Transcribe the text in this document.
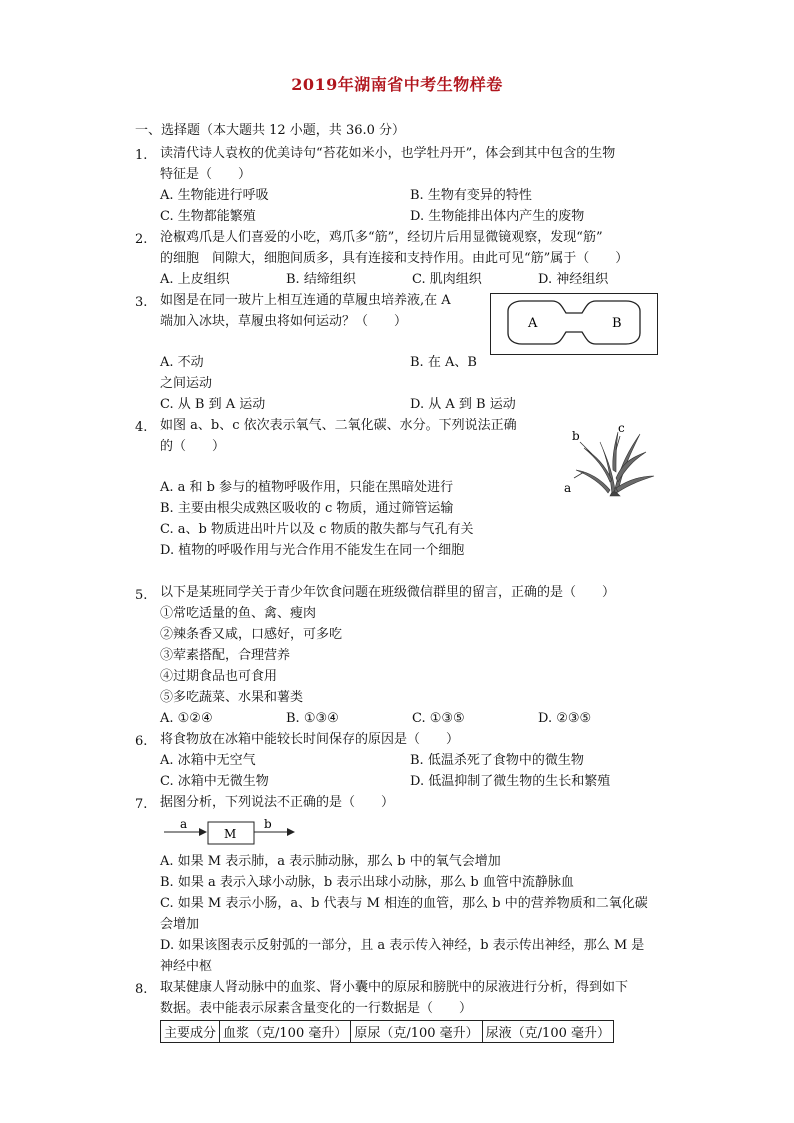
2019年湖南省中考生物样卷
一、选择题（本大题共 12 小题，共 36.0 分）
1. 读清代诗人袁枚的优美诗句“苔花如米小，也学牡丹开”，体会到其中包含的生物
特征是（　　）
A. 生物能进行呼吸	B. 生物有变异的特性
C. 生物都能繁殖	D. 生物能排出体内产生的废物
2. 沧椒鸡爪是人们喜爱的小吃，鸡爪多“筋”，经切片后用显微镜观察，发现“筋”
的细胞　间隙大，细胞间质多，具有连接和支持作用。由此可见“筋”属于（　　）
A. 上皮组织	B. 结缔组织	C. 肌肉组织	D. 神经组织
3. 如图是在同一玻片上相互连通的草履虫培养液,在 A
端加入冰块，草履虫将如何运动？（　　）	A	B
A. 不动	B. 在 A、B
之间运动
C. 从 B 到 A 运动	D. 从 A 到 B 运动
4. 如图 a、b、c 依次表示氧气、二氧化碳、水分。下列说法正确
的（　　）
b
c
a
A. a 和 b 参与的植物呼吸作用，只能在黑暗处进行
B. 主要由根尖成熟区吸收的 c 物质，通过筛管运输
C. a、b 物质进出叶片以及 c 物质的散失都与气孔有关
D. 植物的呼吸作用与光合作用不能发生在同一个细胞
5. 以下是某班同学关于青少年饮食问题在班级微信群里的留言，正确的是（　　）
①常吃适量的鱼、禽、瘦肉
②辣条香又咸，口感好，可多吃
③荤素搭配，合理营养
④过期食品也可食用
⑤多吃蔬菜、水果和薯类
A. ①②④	B. ①③④	C. ①③⑤	D. ②③⑤
6. 将食物放在冰箱中能较长时间保存的原因是（　　）
A. 冰箱中无空气	B. 低温杀死了食物中的微生物
C. 冰箱中无微生物	D. 低温抑制了微生物的生长和繁殖
7. 据图分析，下列说法不正确的是（　　）
a
M
b
A. 如果 M 表示肺，a 表示肺动脉，那么 b 中的氧气会增加
B. 如果 a 表示入球小动脉，b 表示出球小动脉，那么 b 血管中流静脉血
C. 如果 M 表示小肠，a、b 代表与 M 相连的血管，那么 b 中的营养物质和二氧化碳
会增加
D. 如果该图表示反射弧的一部分，且 a 表示传入神经，b 表示传出神经，那么 M 是
神经中枢
8. 取某健康人肾动脉中的血浆、肾小囊中的原尿和膀胱中的尿液进行分析，得到如下
数据。表中能表示尿素含量变化的一行数据是（　　）
主要成分	血浆（克/100 毫升）	原尿（克/100 毫升）	尿液（克/100 毫升）
